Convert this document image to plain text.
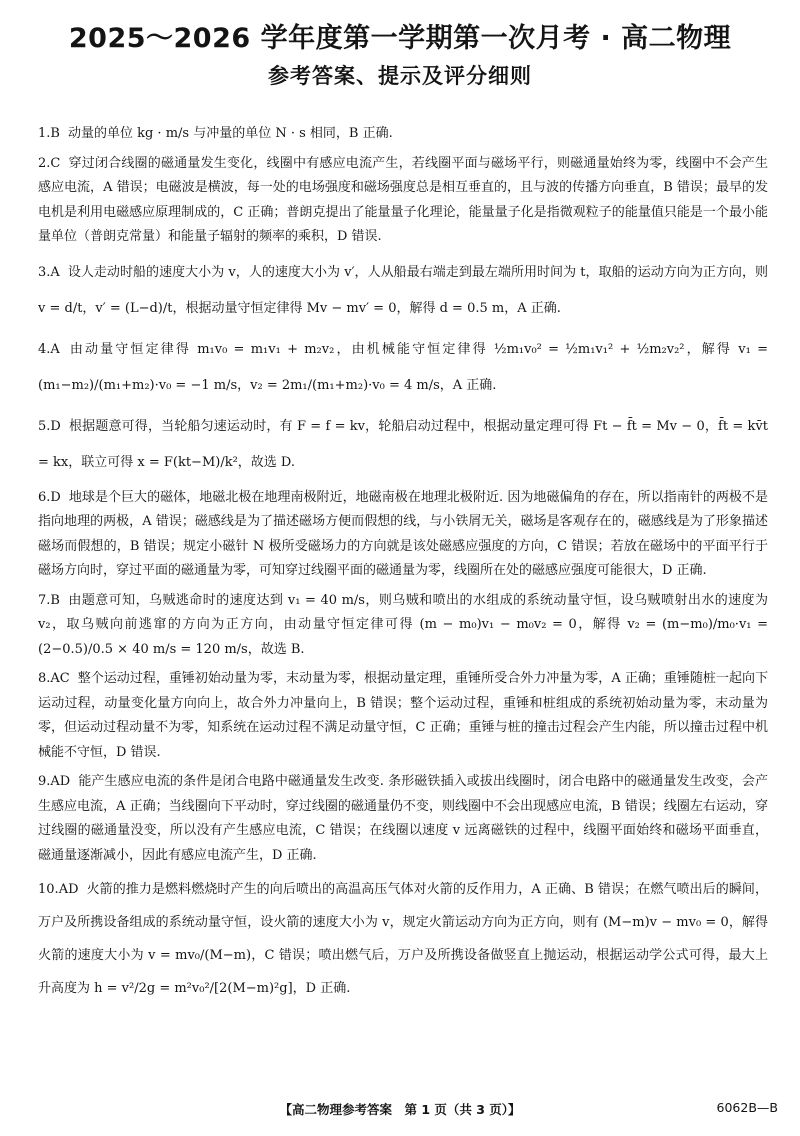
2025～2026 学年度第一学期第一次月考 · 高二物理
参考答案、提示及评分细则

1.B 动量的单位 kg · m/s 与冲量的单位 N · s 相同，B 正确.

2.C 穿过闭合线圈的磁通量发生变化，线圈中有感应电流产生，若线圈平面与磁场平行，则磁通量始终为零，线圈中不会产生感应电流，A 错误；电磁波是横波，每一处的电场强度和磁场强度总是相互垂直的，且与波的传播方向垂直，B 错误；最早的发电机是利用电磁感应原理制成的，C 正确；普朗克提出了能量量子化理论，能量量子化是指微观粒子的能量值只能是一个最小能量单位（普朗克常量）和能量子辐射的频率的乘积，D 错误.

3.A 设人走动时船的速度大小为 v，人的速度大小为 v′，人从船最右端走到最左端所用时间为 t，取船的运动方向为正方向，则 v = d/t，v′ = (L−d)/t，根据动量守恒定律得 Mv − mv′ = 0，解得 d = 0.5 m，A 正确.

4.A 由动量守恒定律得 m₁v₀ = m₁v₁ + m₂v₂，由机械能守恒定律得 ½m₁v₀² = ½m₁v₁² + ½m₂v₂²，解得 v₁ = (m₁−m₂)/(m₁+m₂)·v₀ = −1 m/s，v₂ = 2m₁/(m₁+m₂)·v₀ = 4 m/s，A 正确.

5.D 根据题意可得，当轮船匀速运动时，有 F = f = kv，轮船启动过程中，根据动量定理可得 Ft − f̄t = Mv − 0，f̄t = kv̄t = kx，联立可得 x = F(kt−M)/k²，故选 D.

6.D 地球是个巨大的磁体，地磁北极在地理南极附近，地磁南极在地理北极附近. 因为地磁偏角的存在，所以指南针的两极不是指向地理的两极，A 错误；磁感线是为了描述磁场方便而假想的线，与小铁屑无关，磁场是客观存在的，磁感线是为了形象描述磁场而假想的，B 错误；规定小磁针 N 极所受磁场力的方向就是该处磁感应强度的方向，C 错误；若放在磁场中的平面平行于磁场方向时，穿过平面的磁通量为零，可知穿过线圈平面的磁通量为零，线圈所在处的磁感应强度可能很大，D 正确.

7.B 由题意可知，乌贼逃命时的速度达到 v₁ = 40 m/s，则乌贼和喷出的水组成的系统动量守恒，设乌贼喷射出水的速度为 v₂，取乌贼向前逃窜的方向为正方向，由动量守恒定律可得 (m − m₀)v₁ − m₀v₂ = 0，解得 v₂ = (m−m₀)/m₀·v₁ = (2−0.5)/0.5 × 40 m/s = 120 m/s，故选 B.

8.AC 整个运动过程，重锤初始动量为零，末动量为零，根据动量定理，重锤所受合外力冲量为零，A 正确；重锤随桩一起向下运动过程，动量变化量方向向上，故合外力冲量向上，B 错误；整个运动过程，重锤和桩组成的系统初始动量为零，末动量为零，但运动过程动量不为零，知系统在运动过程不满足动量守恒，C 正确；重锤与桩的撞击过程会产生内能，所以撞击过程中机械能不守恒，D 错误.

9.AD 能产生感应电流的条件是闭合电路中磁通量发生改变. 条形磁铁插入或拔出线圈时，闭合电路中的磁通量发生改变，会产生感应电流，A 正确；当线圈向下平动时，穿过线圈的磁通量仍不变，则线圈中不会出现感应电流，B 错误；线圈左右运动，穿过线圈的磁通量没变，所以没有产生感应电流，C 错误；在线圈以速度 v 远离磁铁的过程中，线圈平面始终和磁场平面垂直，磁通量逐渐减小，因此有感应电流产生，D 正确.

10.AD 火箭的推力是燃料燃烧时产生的向后喷出的高温高压气体对火箭的反作用力，A 正确、B 错误；在燃气喷出后的瞬间，万户及所携设备组成的系统动量守恒，设火箭的速度大小为 v，规定火箭运动方向为正方向，则有 (M−m)v − mv₀ = 0，解得火箭的速度大小为 v = mv₀/(M−m)，C 错误；喷出燃气后，万户及所携设备做竖直上抛运动，根据运动学公式可得，最大上升高度为 h = v²/2g = m²v₀²/[2(M−m)²g]，D 正确.

【高二物理参考答案　第 1 页（共 3 页）】	6062B—B
